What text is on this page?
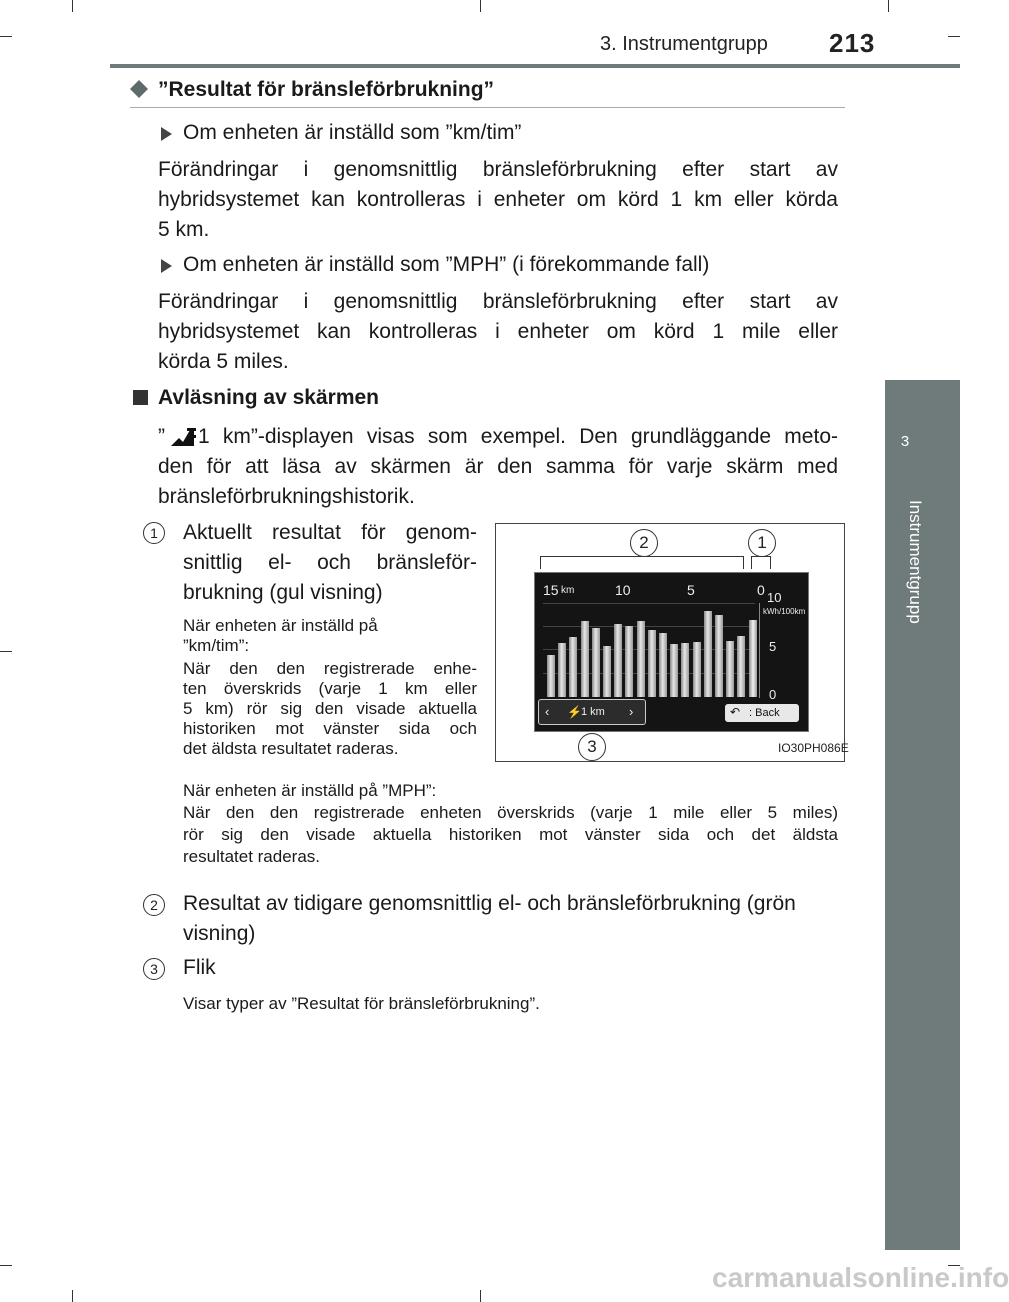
3. Instrumentgrupp 213
3
Instrumentgrupp
”Resultat för bränsleförbrukning”
Om enheten är inställd som ”km/tim”
Förändringar i genomsnittlig bränsleförbrukning efter start av
hybridsystemet kan kontrolleras i enheter om körd 1 km eller körda
5 km.
Om enheten är inställd som ”MPH” (i förekommande fall)
Förändringar i genomsnittlig bränsleförbrukning efter start av
hybridsystemet kan kontrolleras i enheter om körd 1 mile eller
körda 5 miles.
Avläsning av skärmen
” 1 km”-displayen visas som exempel. Den grundläggande meto-
den för att läsa av skärmen är den samma för varje skärm med
bränsleförbrukningshistorik.
1	Aktuellt resultat för genom-
snittlig el- och bränsleför-
brukning (gul visning)
När enheten är inställd på
”km/tim”:
När den den registrerade enhe-
ten överskrids (varje 1 km eller
5 km) rör sig den visade aktuella
historiken mot vänster sida och
det äldsta resultatet raderas.
När enheten är inställd på ”MPH”:
När den den registrerade enheten överskrids (varje 1 mile eller 5 miles)
rör sig den visade aktuella historiken mot vänster sida och det äldsta
resultatet raderas.
2	Resultat av tidigare genomsnittlig el- och bränsleförbrukning (grön
visning)
3	Flik
Visar typer av ”Resultat för bränsleförbrukning”.
2	1
3
15 km	10	5	0 10
kWh/100km
5
0
‹ ⚡ 1 km ›	↶ : Back
IO30PH086E
carmanualsonline.info
